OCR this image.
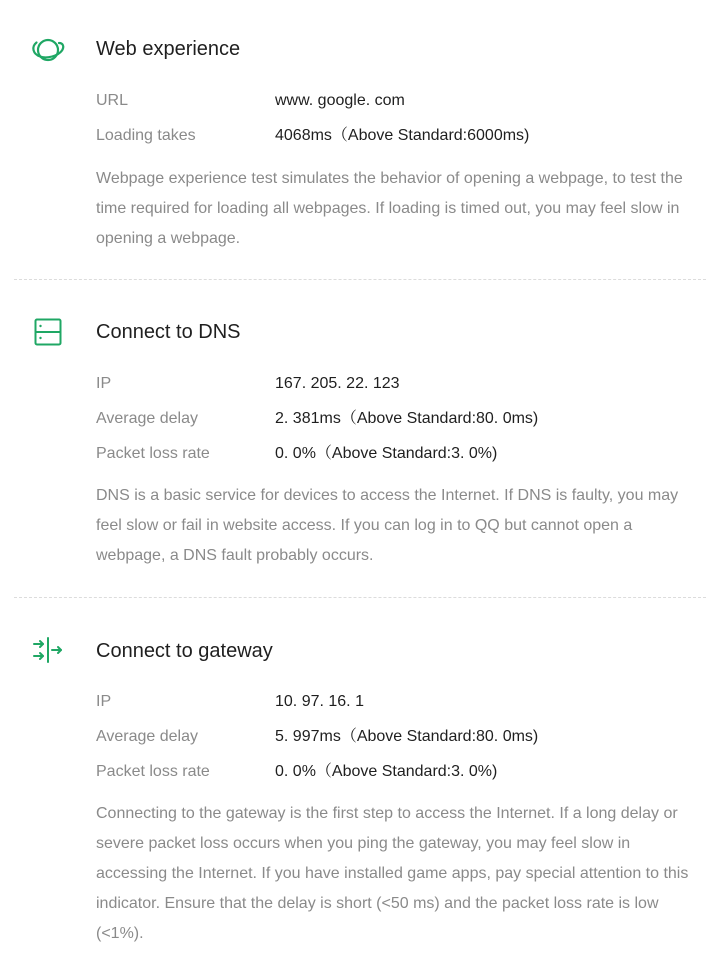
Web experience
URL	www. google. com
Loading takes	4068ms（Above Standard:6000ms)

Webpage experience test simulates the behavior of opening a webpage, to test the time required for loading all webpages. If loading is timed out, you may feel slow in opening a webpage.

Connect to DNS
IP	167. 205. 22. 123
Average delay	2. 381ms（Above Standard:80. 0ms)
Packet loss rate	0. 0%（Above Standard:3. 0%)

DNS is a basic service for devices to access the Internet. If DNS is faulty, you may feel slow or fail in website access. If you can log in to QQ but cannot open a webpage, a DNS fault probably occurs.

Connect to gateway
IP	10. 97. 16. 1
Average delay	5. 997ms（Above Standard:80. 0ms)
Packet loss rate	0. 0%（Above Standard:3. 0%)

Connecting to the gateway is the first step to access the Internet. If a long delay or severe packet loss occurs when you ping the gateway, you may feel slow in accessing the Internet. If you have installed game apps, pay special attention to this indicator. Ensure that the delay is short (<50 ms) and the packet loss rate is low (<1%).
